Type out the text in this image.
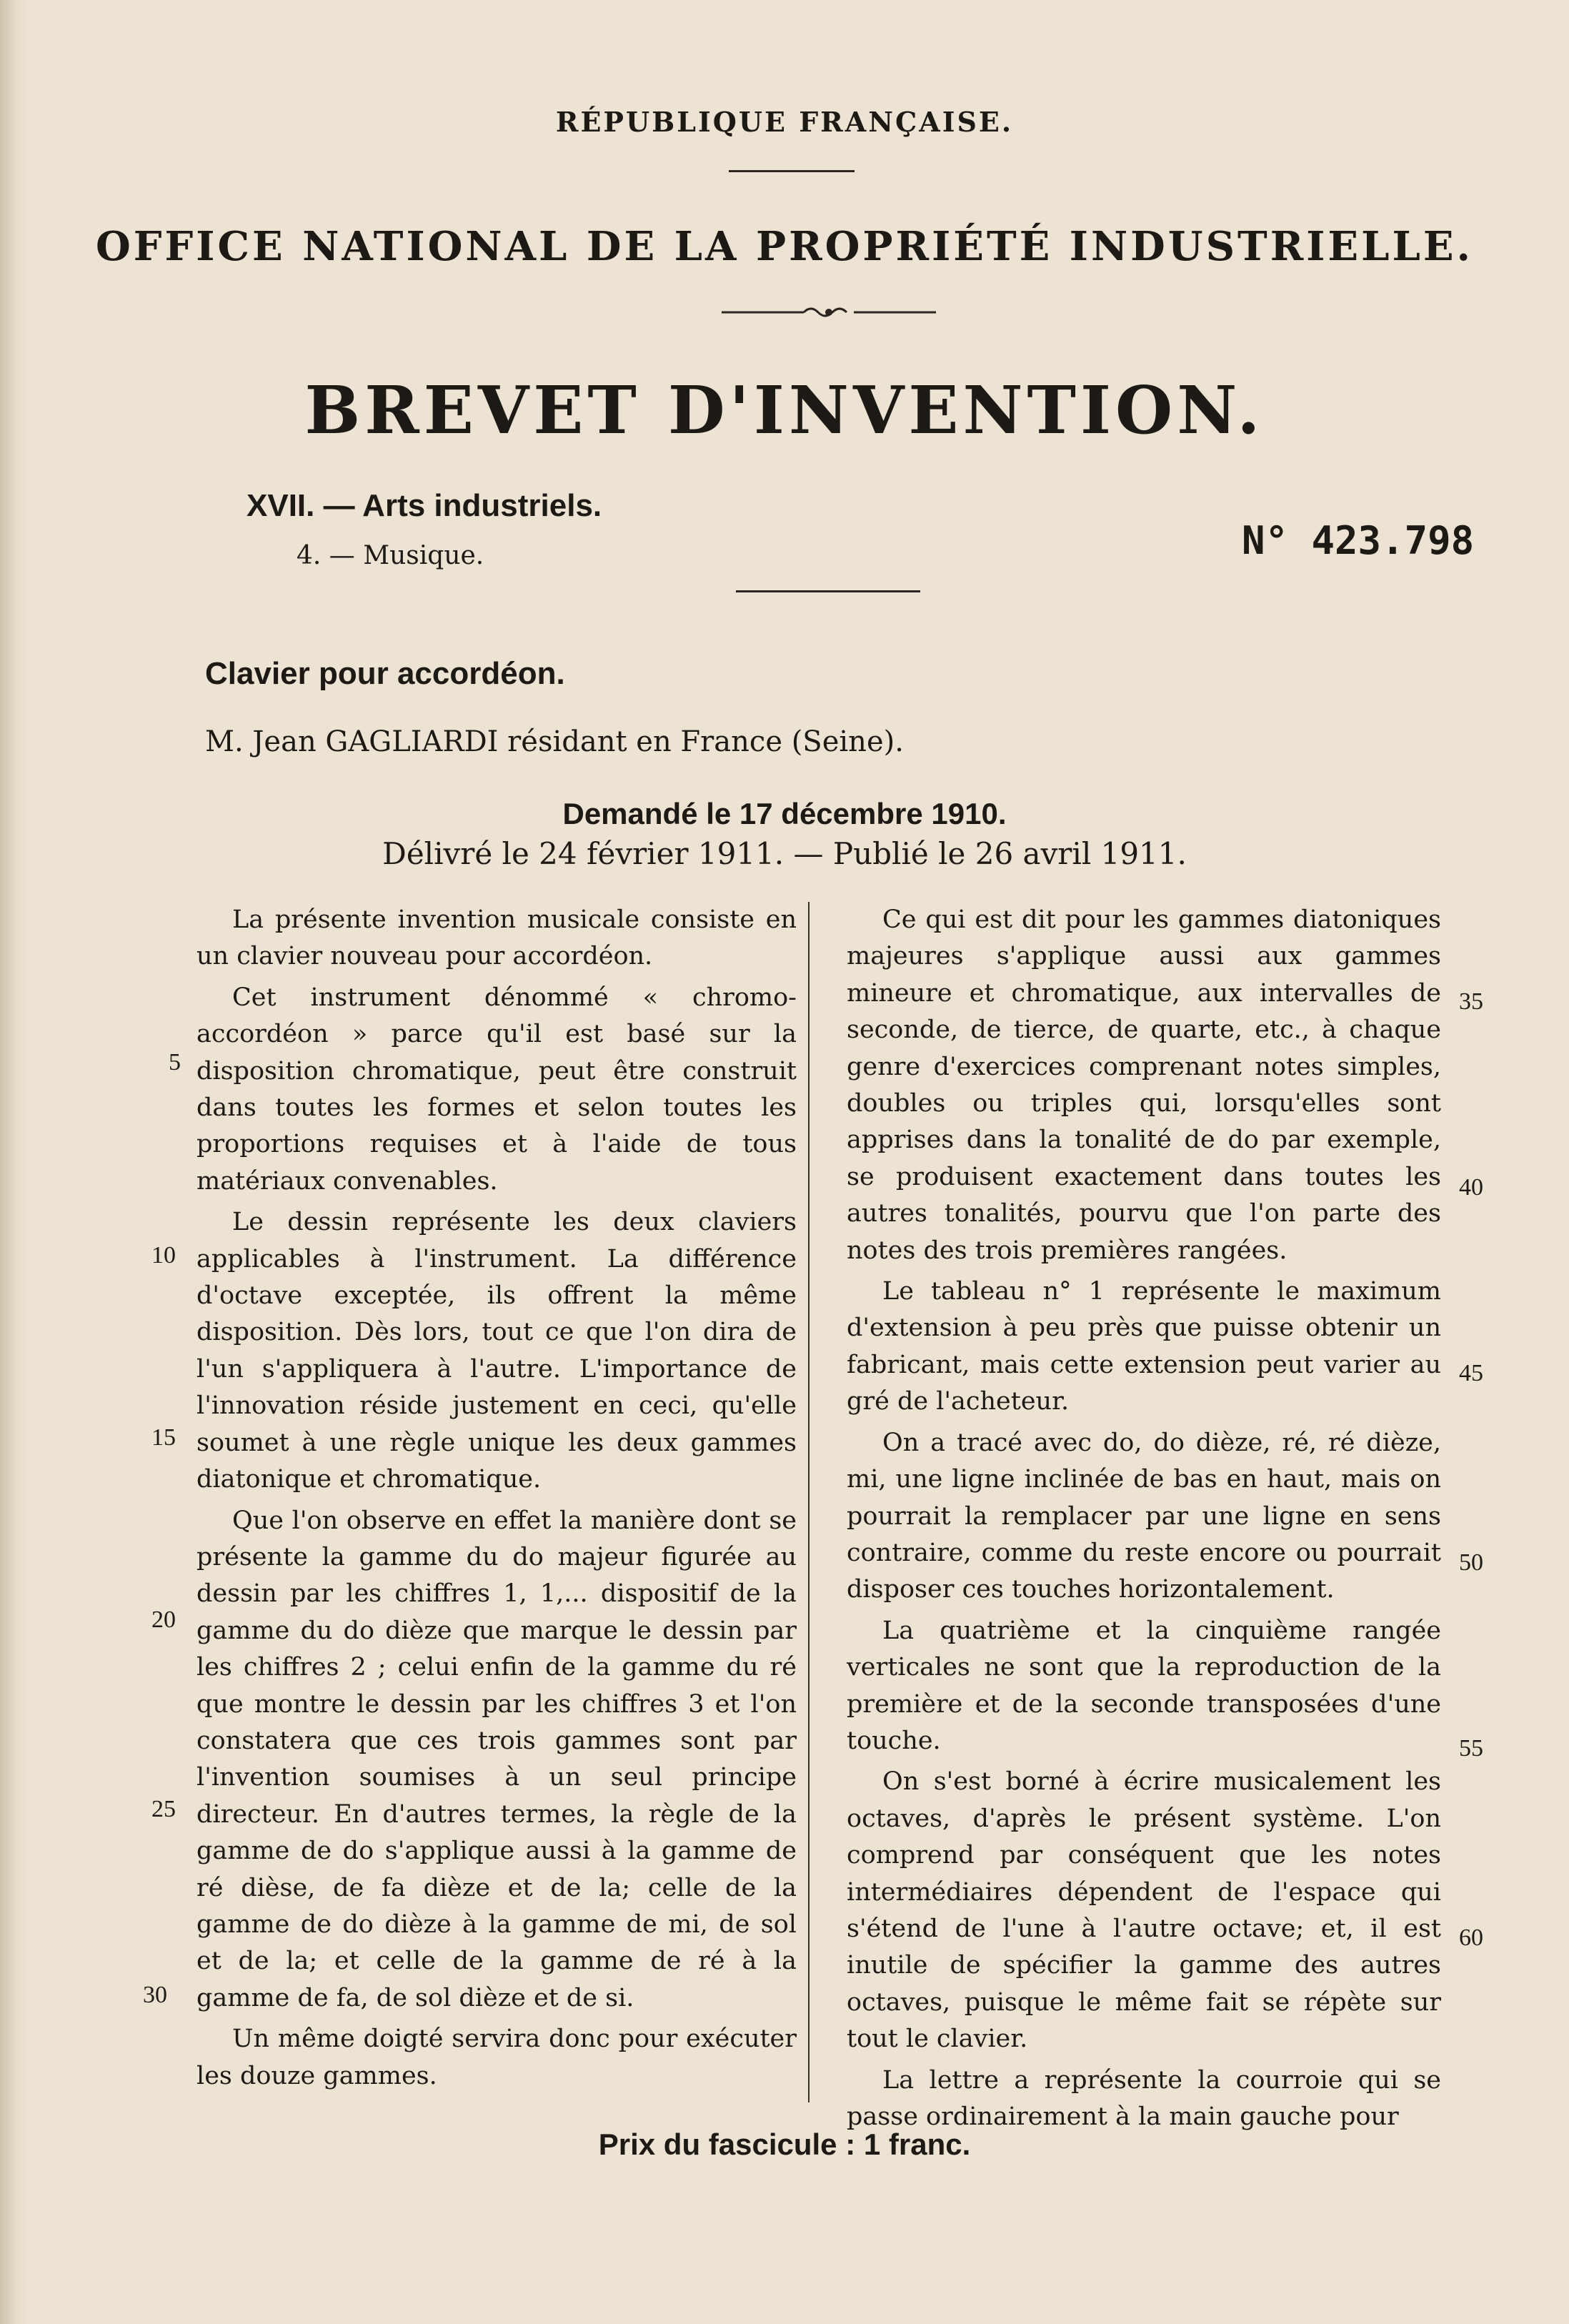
RÉPUBLIQUE FRANÇAISE.
OFFICE NATIONAL DE LA PROPRIÉTÉ INDUSTRIELLE.
BREVET D'INVENTION.
XVII. — Arts industriels.
4. — Musique.	N° 423.798
Clavier pour accordéon.
M. Jean GAGLIARDI résidant en France (Seine).
Demandé le 17 décembre 1910.
Délivré le 24 février 1911. — Publié le 26 avril 1911.

La présente invention musicale consiste en un clavier nouveau pour accordéon.

Cet instrument dénommé « chromo-accordéon » parce qu'il est basé sur la disposition chromatique, peut être construit dans toutes les formes et selon toutes les proportions requises et à l'aide de tous matériaux convenables.

Le dessin représente les deux claviers applicables à l'instrument. La différence d'octave exceptée, ils offrent la même disposition. Dès lors, tout ce que l'on dira de l'un s'appliquera à l'autre. L'importance de l'innovation réside justement en ceci, qu'elle soumet à une règle unique les deux gammes diatonique et chromatique.

Que l'on observe en effet la manière dont se présente la gamme du do majeur figurée au dessin par les chiffres 1, 1,... dispositif de la gamme du do dièze que marque le dessin par les chiffres 2 ; celui enfin de la gamme du ré que montre le dessin par les chiffres 3 et l'on constatera que ces trois gammes sont par l'invention soumises à un seul principe directeur. En d'autres termes, la règle de la gamme de do s'applique aussi à la gamme de ré dièse, de fa dièze et de la; celle de la gamme de do dièze à la gamme de mi, de sol et de la; et celle de la gamme de ré à la gamme de fa, de sol dièze et de si.

Un même doigté servira donc pour exécuter les douze gammes.

Ce qui est dit pour les gammes diatoniques majeures s'applique aussi aux gammes mineure et chromatique, aux intervalles de seconde, de tierce, de quarte, etc., à chaque genre d'exercices comprenant notes simples, doubles ou triples qui, lorsqu'elles sont apprises dans la tonalité de do par exemple, se produisent exactement dans toutes les autres tonalités, pourvu que l'on parte des notes des trois premières rangées.

Le tableau n° 1 représente le maximum d'extension à peu près que puisse obtenir un fabricant, mais cette extension peut varier au gré de l'acheteur.

On a tracé avec do, do dièze, ré, ré dièze, mi, une ligne inclinée de bas en haut, mais on pourrait la remplacer par une ligne en sens contraire, comme du reste encore ou pourrait disposer ces touches horizontalement.

La quatrième et la cinquième rangée verticales ne sont que la reproduction de la première et de la seconde transposées d'une touche.

On s'est borné à écrire musicalement les octaves, d'après le présent système. L'on comprend par conséquent que les notes intermédiaires dépendent de l'espace qui s'étend de l'une à l'autre octave; et, il est inutile de spécifier la gamme des autres octaves, puisque le même fait se répète sur tout le clavier.

La lettre a représente la courroie qui se passe ordinairement à la main gauche pour

5
10
15
20
25
30
35
40
45
50
55
60
Prix du fascicule : 1 franc.
